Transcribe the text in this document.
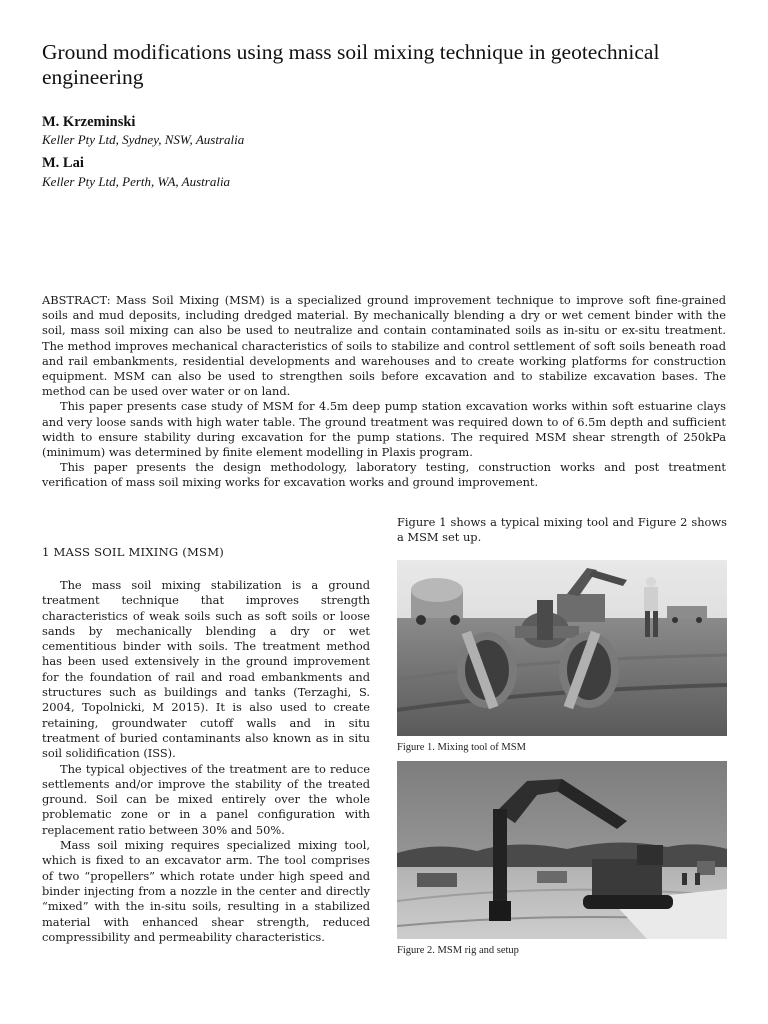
Ground modifications using mass soil mixing technique in geotechnical engineering
M. Krzeminski
Keller Pty Ltd, Sydney, NSW, Australia
M. Lai
Keller Pty Ltd, Perth, WA, Australia

ABSTRACT: Mass Soil Mixing (MSM) is a specialized ground improvement technique to improve soft fine-grained soils and mud deposits, including dredged material. By mechanically blending a dry or wet cement binder with the soil, mass soil mixing can also be used to neutralize and contain contaminated soils as in-situ or ex-situ treatment. The method improves mechanical characteristics of soils to stabilize and control settlement of soft soils beneath road and rail embankments, residential developments and warehouses and to create working platforms for construction equipment. MSM can also be used to strengthen soils before excavation and to stabilize excavation bases. The method can be used over water or on land.

This paper presents case study of MSM for 4.5m deep pump station excavation works within soft estuarine clays and very loose sands with high water table. The ground treatment was required down to of 6.5m depth and sufficient width to ensure stability during excavation for the pump stations. The required MSM shear strength of 250kPa (minimum) was determined by finite element modelling in Plaxis program.

This paper presents the design methodology, laboratory testing, construction works and post treatment verification of mass soil mixing works for excavation works and ground improvement.

1 MASS SOIL MIXING (MSM)

The mass soil mixing stabilization is a ground treatment technique that improves strength characteristics of weak soils such as soft soils or loose sands by mechanically blending a dry or wet cementitious binder with soils. The treatment method has been used extensively in the ground improvement for the foundation of rail and road embankments and structures such as buildings and tanks (Terzaghi, S. 2004, Topolnicki, M 2015). It is also used to create retaining, groundwater cutoff walls and in situ treatment of buried contaminants also known as in situ soil solidification (ISS).

The typical objectives of the treatment are to reduce settlements and/or improve the stability of the treated ground. Soil can be mixed entirely over the whole problematic zone or in a panel configuration with replacement ratio between 30% and 50%.

Mass soil mixing requires specialized mixing tool, which is fixed to an excavator arm. The tool comprises of two “propellers” which rotate under high speed and binder injecting from a nozzle in the center and directly “mixed” with the in-situ soils, resulting in a stabilized material with enhanced shear strength, reduced compressibility and permeability characteristics.

Figure 1 shows a typical mixing tool and Figure 2 shows a MSM set up.

Figure 1. Mixing tool of MSM
Figure 2. MSM rig and setup
